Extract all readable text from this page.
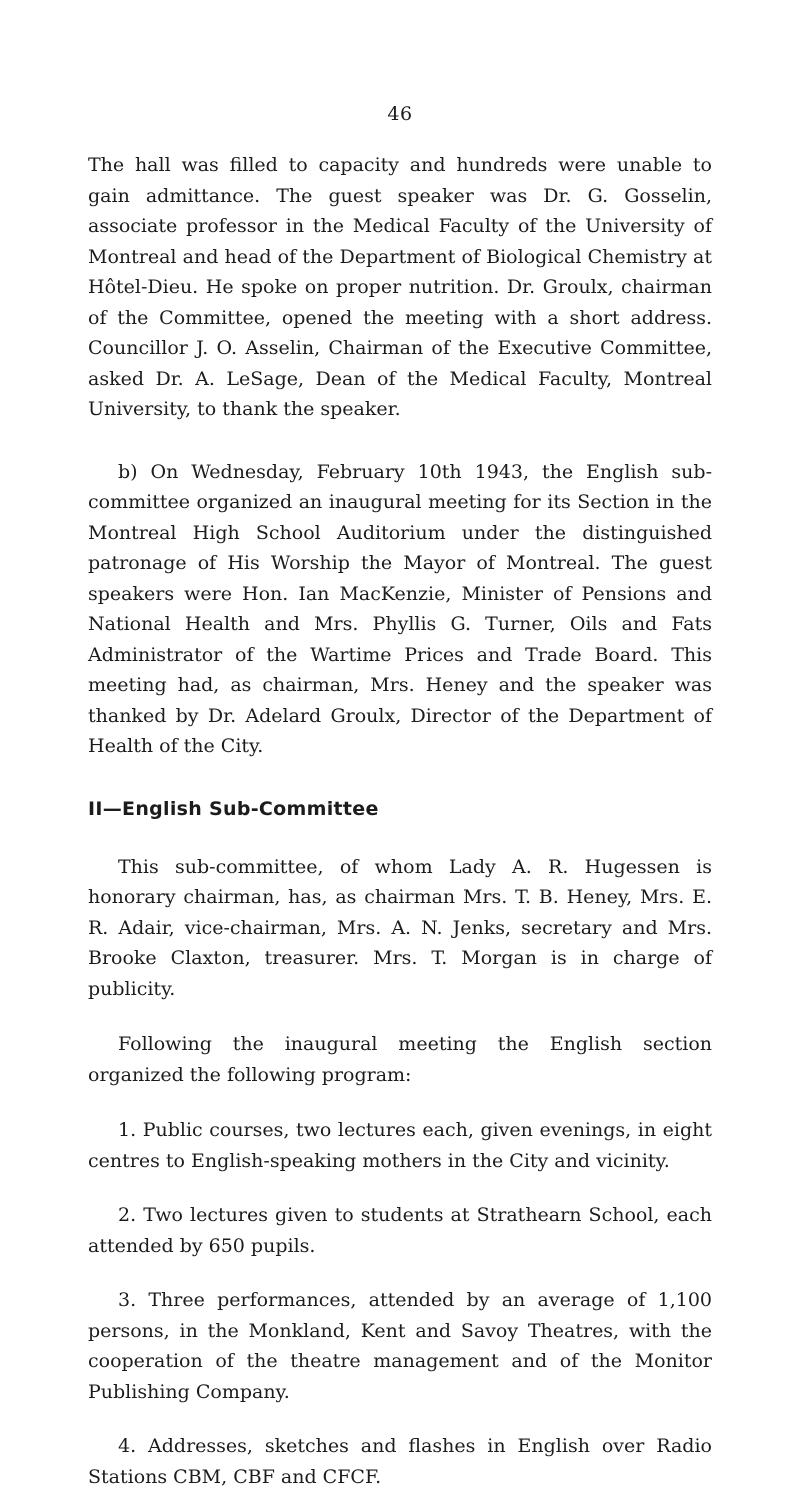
46

The hall was filled to capacity and hundreds were unable to gain admittance. The guest speaker was Dr. G. Gosselin, associate professor in the Medical Faculty of the University of Montreal and head of the Department of Biological Chemistry at Hôtel-Dieu. He spoke on proper nutrition. Dr. Groulx, chairman of the Committee, opened the meeting with a short address. Councillor J. O. Asselin, Chairman of the Executive Committee, asked Dr. A. LeSage, Dean of the Medical Faculty, Montreal University, to thank the speaker.

b) On Wednesday, February 10th 1943, the English sub-committee organized an inaugural meeting for its Section in the Montreal High School Auditorium under the distinguished patronage of His Worship the Mayor of Montreal. The guest speakers were Hon. Ian MacKenzie, Minister of Pensions and National Health and Mrs. Phyllis G. Turner, Oils and Fats Administrator of the Wartime Prices and Trade Board. This meeting had, as chairman, Mrs. Heney and the speaker was thanked by Dr. Adelard Groulx, Director of the Department of Health of the City.

II—English Sub-Committee

This sub-committee, of whom Lady A. R. Hugessen is honorary chairman, has, as chairman Mrs. T. B. Heney, Mrs. E. R. Adair, vice-chairman, Mrs. A. N. Jenks, secretary and Mrs. Brooke Claxton, treasurer. Mrs. T. Morgan is in charge of publicity.

Following the inaugural meeting the English section organized the following program:

1. Public courses, two lectures each, given evenings, in eight centres to English-speaking mothers in the City and vicinity.

2. Two lectures given to students at Strathearn School, each attended by 650 pupils.

3. Three performances, attended by an average of 1,100 persons, in the Monkland, Kent and Savoy Theatres, with the cooperation of the theatre management and of the Monitor Publishing Company.

4. Addresses, sketches and flashes in English over Radio Stations CBM, CBF and CFCF.
